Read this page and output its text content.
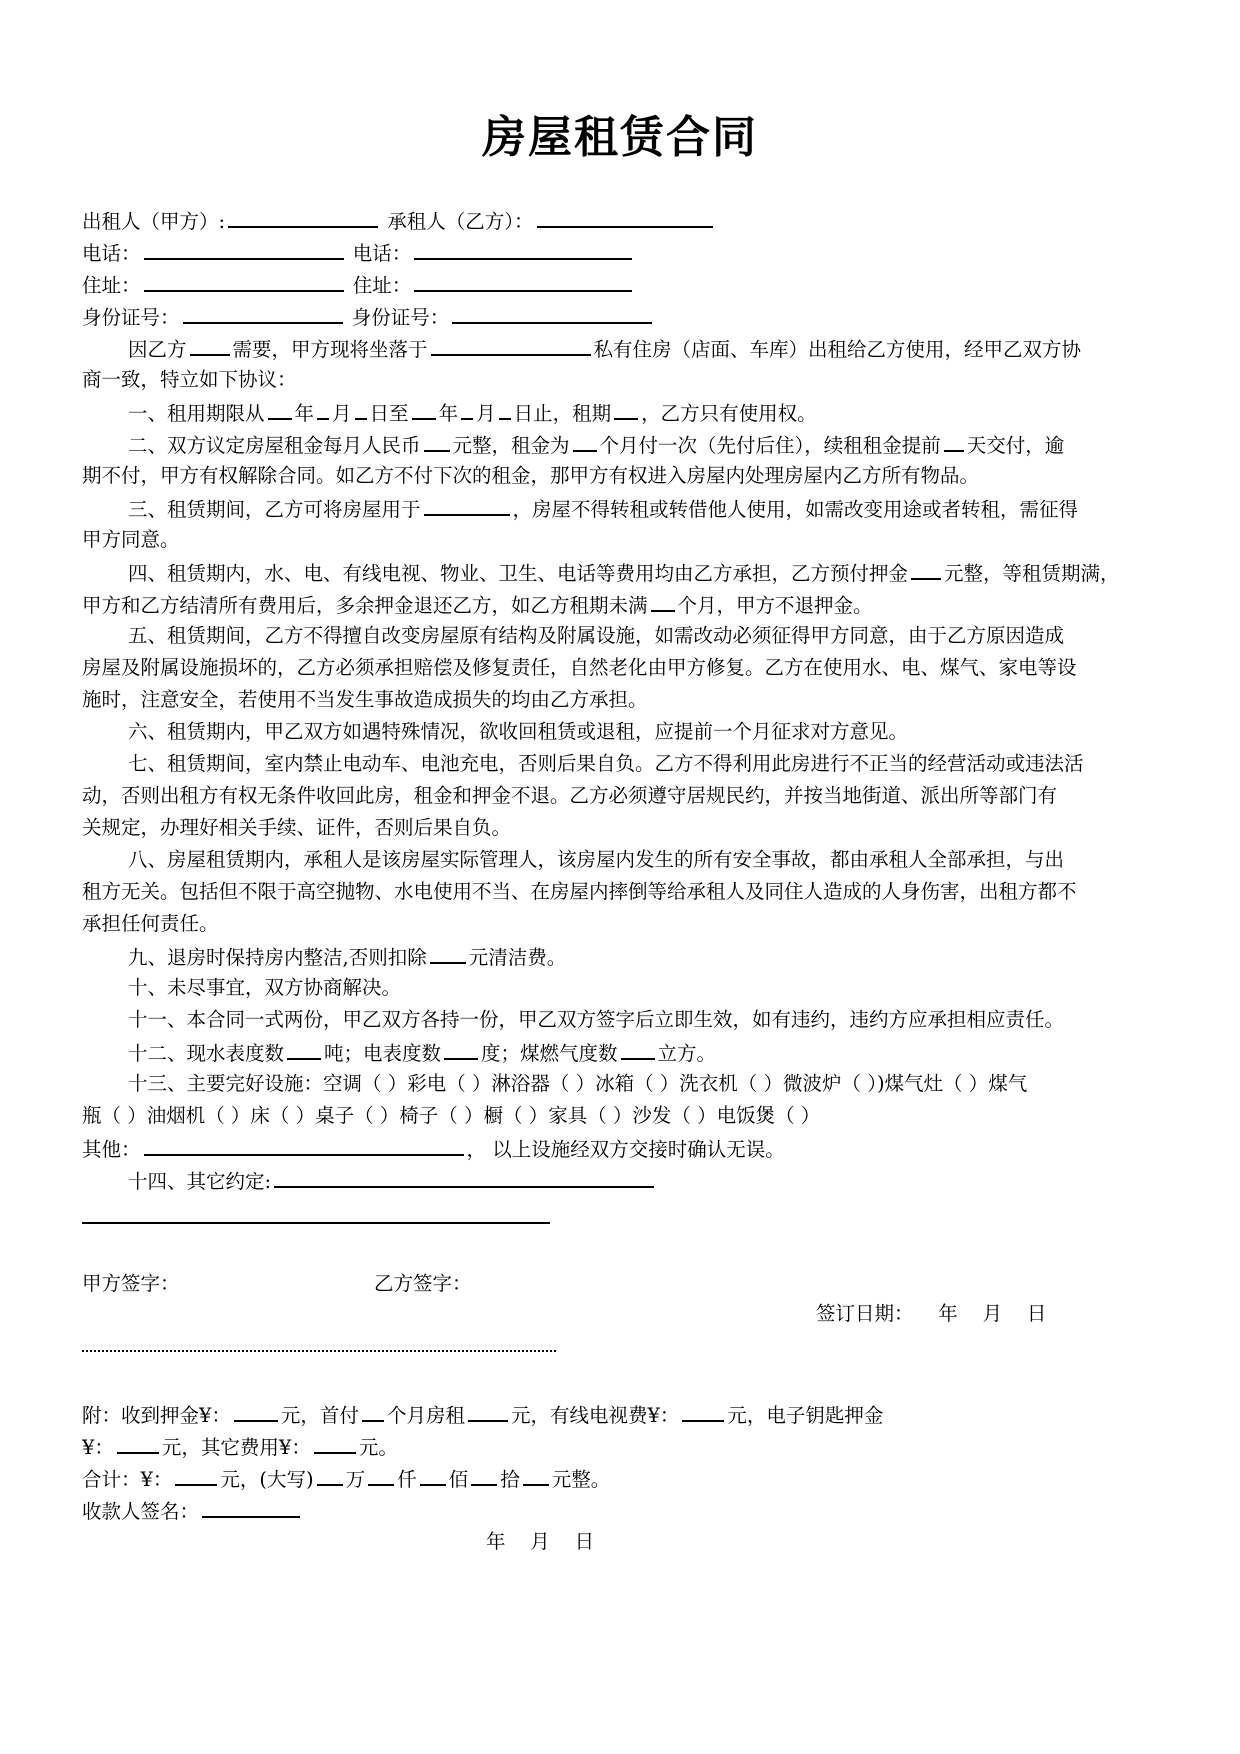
房屋租赁合同
出租人（甲方）:	承租人（乙方）：
电话：	电话：
住址：	住址：
身份证号：	身份证号：
因乙方 需要，甲方现将坐落于	私有住房（店面、车库）出租给乙方使用，经甲乙双方协
商一致，特立如下协议：
一、租用期限从 年 月 日至 年 月 日止，租期 ，乙方只有使用权。
二、双方议定房屋租金每月人民币 元整，租金为 个月付一次（先付后住），续租租金提前 天交付，逾
期不付，甲方有权解除合同。如乙方不付下次的租金，那甲方有权进入房屋内处理房屋内乙方所有物品。
三、租赁期间，乙方可将房屋用于	，房屋不得转租或转借他人使用，如需改变用途或者转租，需征得
甲方同意。
四、租赁期内，水、电、有线电视、物业、卫生、电话等费用均由乙方承担，乙方预付押金 元整，等租赁期满，
甲方和乙方结清所有费用后，多余押金退还乙方，如乙方租期未满 个月，甲方不退押金。
五、租赁期间，乙方不得擅自改变房屋原有结构及附属设施，如需改动必须征得甲方同意，由于乙方原因造成
房屋及附属设施损坏的，乙方必须承担赔偿及修复责任，自然老化由甲方修复。乙方在使用水、电、煤气、家电等设
施时，注意安全，若使用不当发生事故造成损失的均由乙方承担。
六、租赁期内，甲乙双方如遇特殊情况，欲收回租赁或退租，应提前一个月征求对方意见。
七、租赁期间，室内禁止电动车、电池充电，否则后果自负。乙方不得利用此房进行不正当的经营活动或违法活
动，否则出租方有权无条件收回此房，租金和押金不退。乙方必须遵守居规民约，并按当地街道、派出所等部门有
关规定，办理好相关手续、证件，否则后果自负。
八、房屋租赁期内，承租人是该房屋实际管理人，该房屋内发生的所有安全事故，都由承租人全部承担，与出
租方无关。包括但不限于高空抛物、水电使用不当、在房屋内摔倒等给承租人及同住人造成的人身伤害，出租方都不
承担任何责任。
九、退房时保持房内整洁,否则扣除 元清洁费。
十、未尽事宜，双方协商解决。
十一、本合同一式两份，甲乙双方各持一份，甲乙双方签字后立即生效，如有违约，违约方应承担相应责任。
十二、现水表度数 吨；电表度数 度；煤燃气度数 立方。
十三、主要完好设施：空调（ ）彩电（ ）淋浴器（ ）冰箱（ ）洗衣机（ ）微波炉（ ）)煤气灶（ ）煤气
瓶（ ）油烟机（ ）床（ ）桌子（ ）椅子（ ）橱（ ）家具（ ）沙发（ ）电饭煲（ ）
其他：	， 以上设施经双方交接时确认无误。
十四、其它约定:
甲方签字：	乙方签字：
签订日期：    年    月    日
附：收到押金¥：	元，首付 个月房租 元，有线电视费¥： 元，电子钥匙押金
¥： 元，其它费用¥： 元。
合计：¥： 元，(大写) 万 仟 佰 拾 元整。
收款人签名：
年    月    日
